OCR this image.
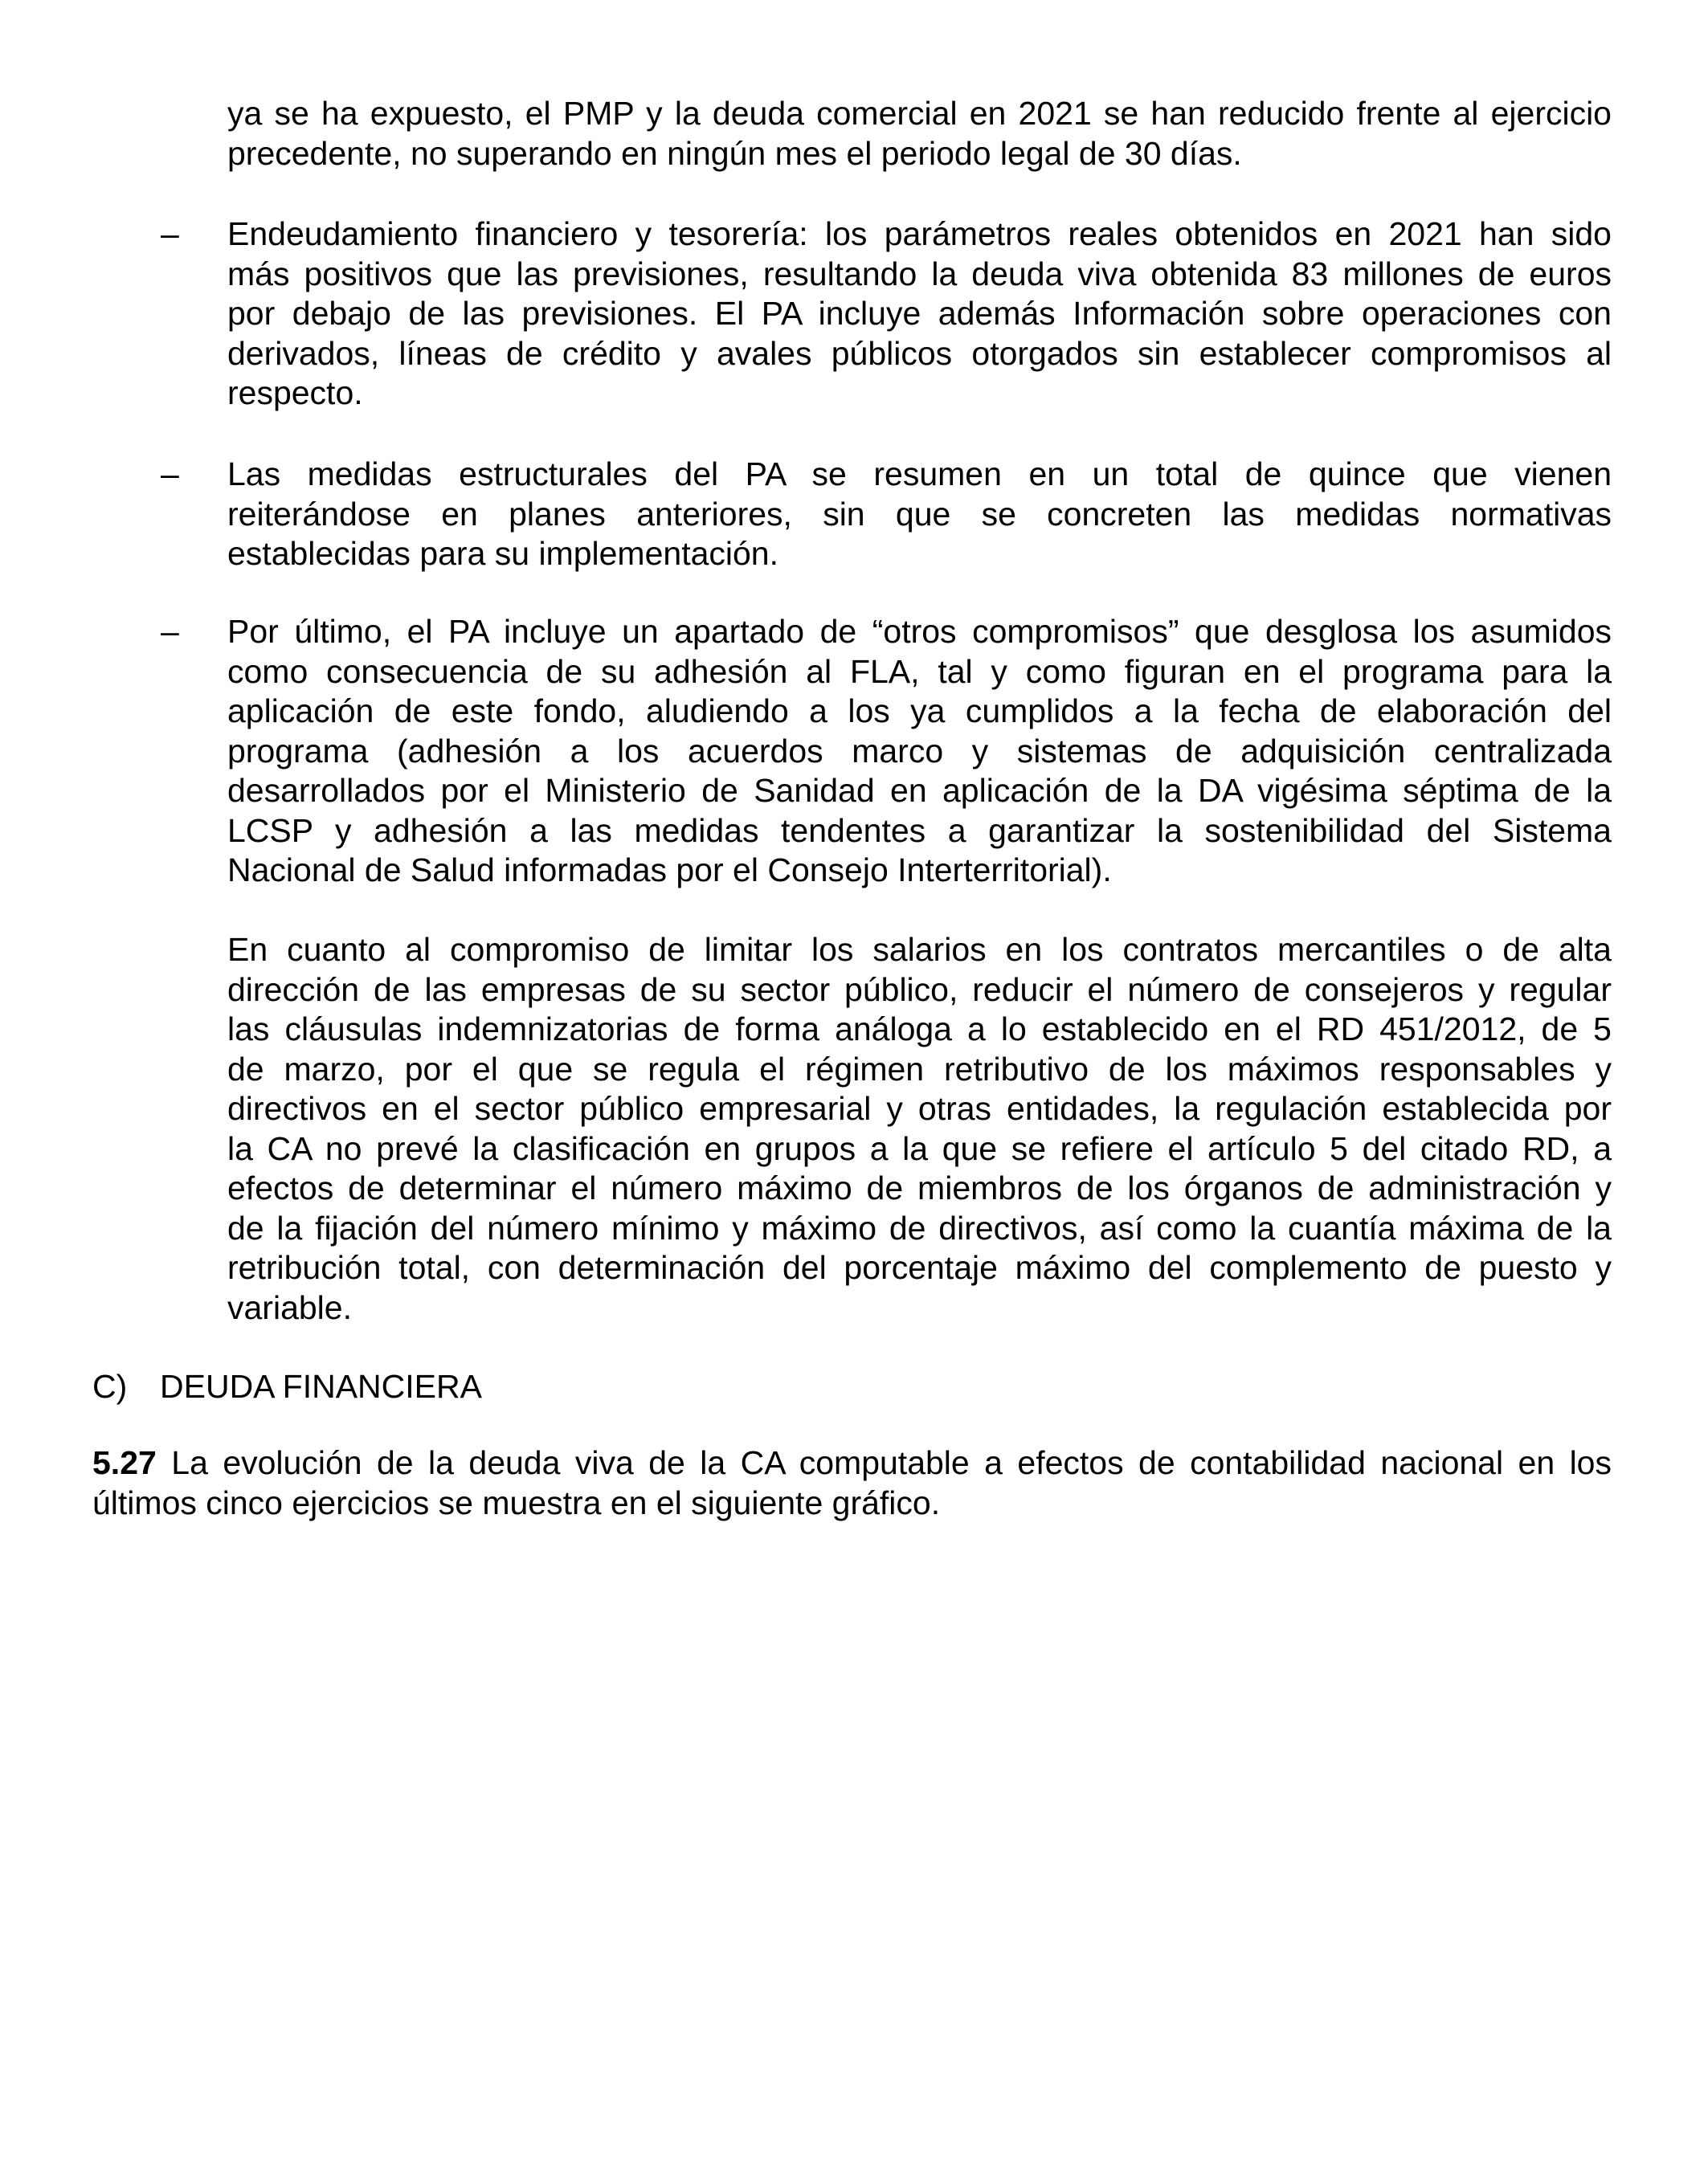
ya se ha expuesto, el PMP y la deuda comercial en 2021 se han reducido frente al ejercicio
precedente, no superando en ningún mes el periodo legal de 30 días.
– Endeudamiento financiero y tesorería: los parámetros reales obtenidos en 2021 han sido
más positivos que las previsiones, resultando la deuda viva obtenida 83 millones de euros
por debajo de las previsiones. El PA incluye además Información sobre operaciones con
derivados, líneas de crédito y avales públicos otorgados sin establecer compromisos al
respecto.
– Las medidas estructurales del PA se resumen en un total de quince que vienen
reiterándose en planes anteriores, sin que se concreten las medidas normativas
establecidas para su implementación.
– Por último, el PA incluye un apartado de “otros compromisos” que desglosa los asumidos
como consecuencia de su adhesión al FLA, tal y como figuran en el programa para la
aplicación de este fondo, aludiendo a los ya cumplidos a la fecha de elaboración del
programa (adhesión a los acuerdos marco y sistemas de adquisición centralizada
desarrollados por el Ministerio de Sanidad en aplicación de la DA vigésima séptima de la
LCSP y adhesión a las medidas tendentes a garantizar la sostenibilidad del Sistema
Nacional de Salud informadas por el Consejo Interterritorial).
En cuanto al compromiso de limitar los salarios en los contratos mercantiles o de alta
dirección de las empresas de su sector público, reducir el número de consejeros y regular
las cláusulas indemnizatorias de forma análoga a lo establecido en el RD 451/2012, de 5
de marzo, por el que se regula el régimen retributivo de los máximos responsables y
directivos en el sector público empresarial y otras entidades, la regulación establecida por
la CA no prevé la clasificación en grupos a la que se refiere el artículo 5 del citado RD, a
efectos de determinar el número máximo de miembros de los órganos de administración y
de la fijación del número mínimo y máximo de directivos, así como la cuantía máxima de la
retribución total, con determinación del porcentaje máximo del complemento de puesto y
variable.
C) DEUDA FINANCIERA
5.27 La evolución de la deuda viva de la CA computable a efectos de contabilidad nacional en los
últimos cinco ejercicios se muestra en el siguiente gráfico.
